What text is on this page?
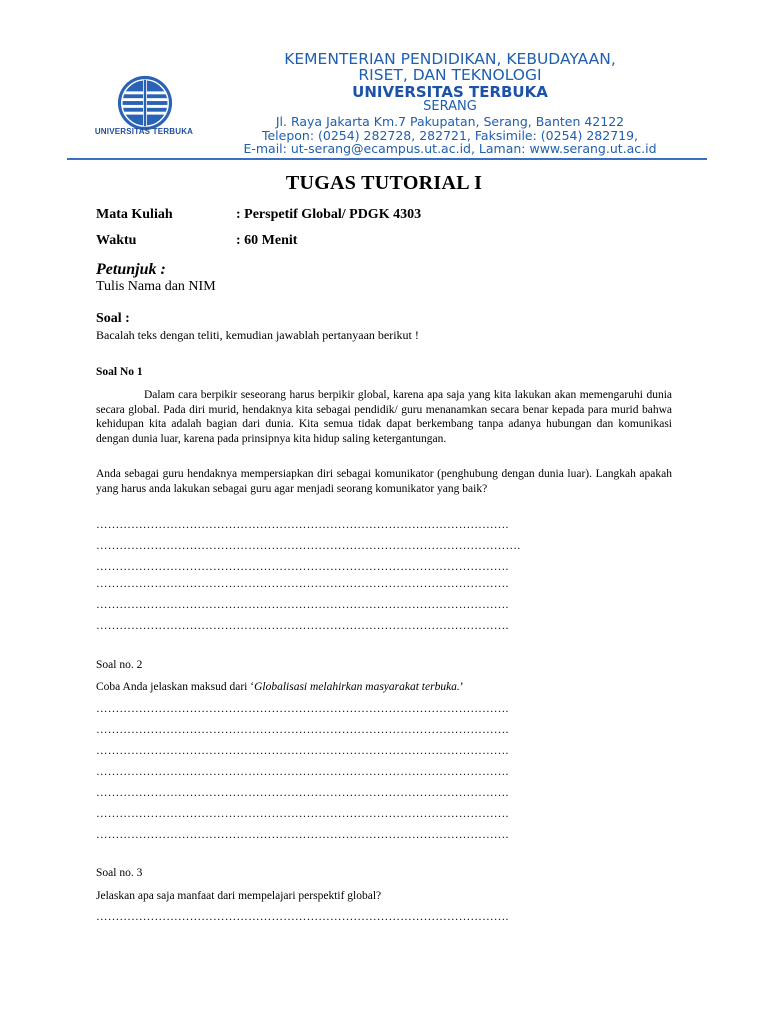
UNIVERSITAS TERBUKA
KEMENTERIAN PENDIDIKAN, KEBUDAYAAN,
RISET, DAN TEKNOLOGI
UNIVERSITAS TERBUKA
SERANG
Jl. Raya Jakarta Km.7 Pakupatan, Serang, Banten 42122
Telepon: (0254) 282728, 282721, Faksimile: (0254) 282719,
E-mail: ut-serang@ecampus.ut.ac.id, Laman: www.serang.ut.ac.id
TUGAS TUTORIAL I
Mata Kuliah	: Perspetif Global/ PDGK 4303
Waktu	: 60 Menit
Petunjuk :
Tulis Nama dan NIM
Soal :
Bacalah teks dengan teliti, kemudian jawablah pertanyaan berikut !
Soal No 1
Dalam cara berpikir seseorang harus berpikir global, karena apa saja yang kita lakukan akan memengaruhi dunia secara global. Pada diri murid, hendaknya kita sebagai pendidik/ guru menanamkan secara benar kepada para murid bahwa kehidupan kita adalah bagian dari dunia. Kita semua tidak dapat berkembang tanpa adanya hubungan dan komunikasi dengan dunia luar, karena pada prinsipnya kita hidup saling ketergantungan.
Anda sebagai guru hendaknya mempersiapkan diri sebagai komunikator (penghubung dengan dunia luar). Langkah apakah yang harus anda lakukan sebagai guru agar menjadi seorang komunikator yang baik?
…………………………………………………………………………………………….
……………………………………………………………………………………………….
…………………………………………………………………………………………….
…………………………………………………………………………………………….
…………………………………………………………………………………………….
…………………………………………………………………………………………….
Soal no. 2
Coba Anda jelaskan maksud dari ‘Globalisasi melahirkan masyarakat terbuka.’
…………………………………………………………………………………………….
…………………………………………………………………………………………….
…………………………………………………………………………………………….
…………………………………………………………………………………………….
…………………………………………………………………………………………….
…………………………………………………………………………………………….
…………………………………………………………………………………………….
Soal no. 3
Jelaskan apa saja manfaat dari mempelajari perspektif global?
…………………………………………………………………………………………….
